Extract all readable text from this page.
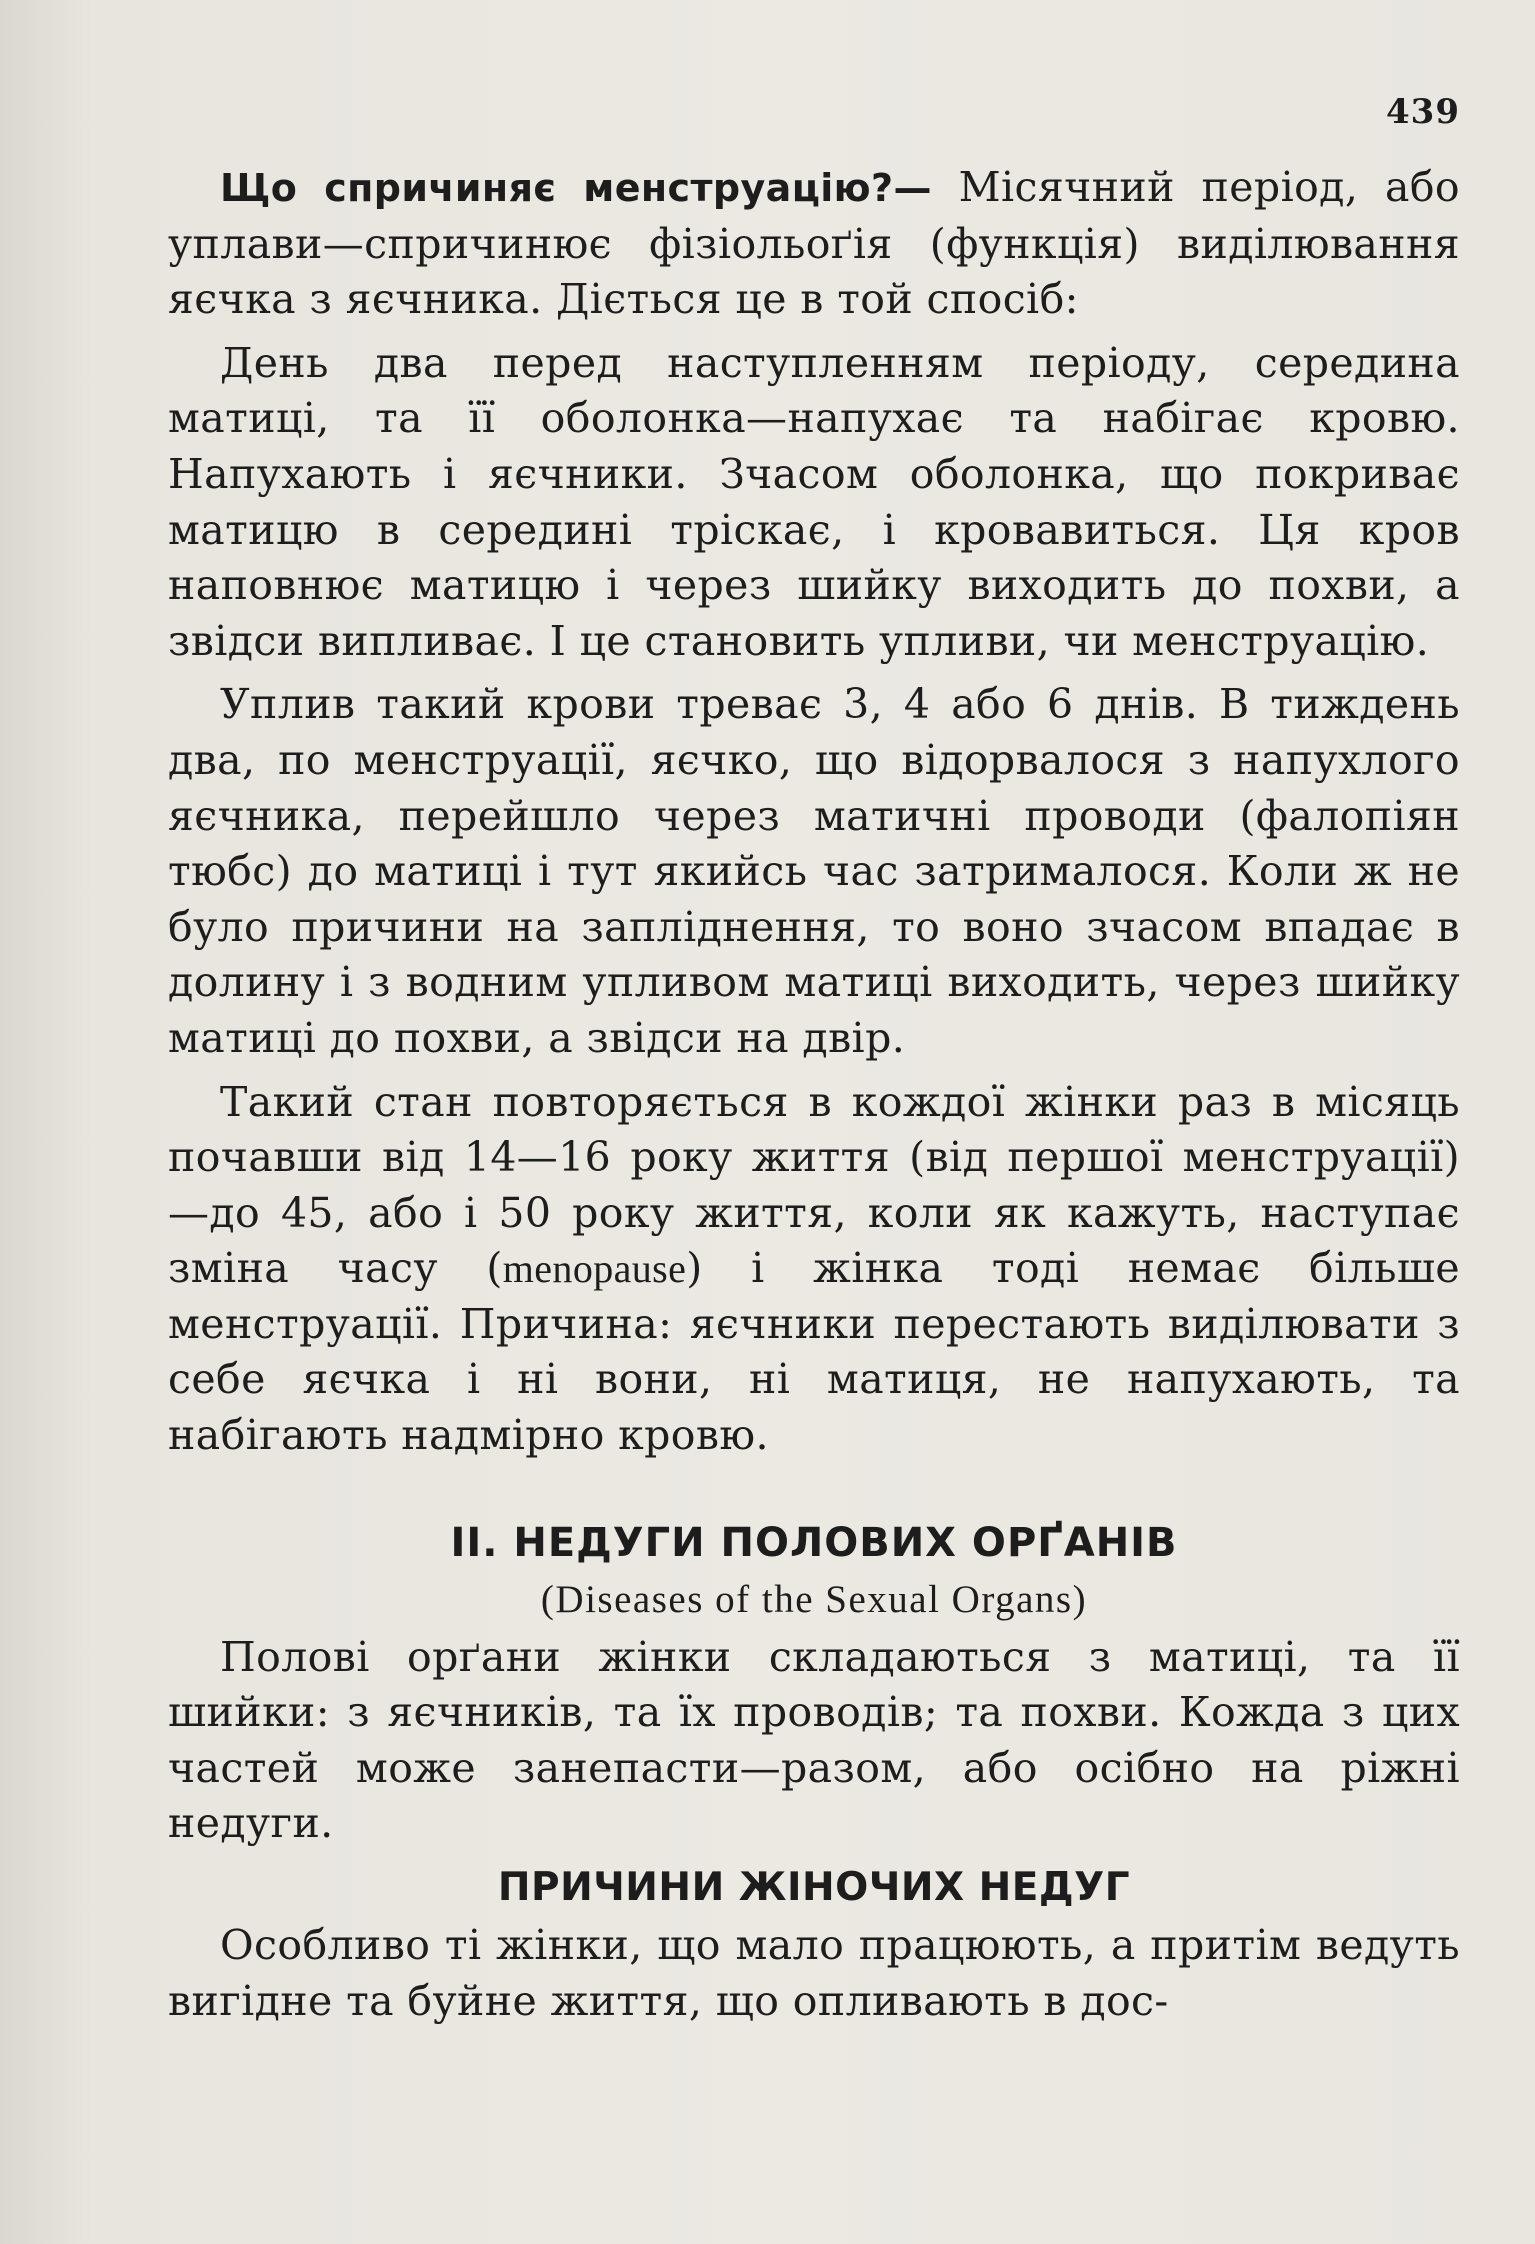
439

Що спричиняє менструацію?— Місячний період, або уплави—спричинює фізіольоґія (функція) виділювання яєчка з яєчника. Діється це в той спосіб:

День два перед наступленням періоду, середина матиці, та її оболонка—напухає та набігає кровю. Напухають і яєчники. Зчасом оболонка, що покриває матицю в середині тріскає, і кровавиться. Ця кров наповнює матицю і через шийку виходить до похви, а звідси випливає. І це становить упливи, чи менструацію.

Уплив такий крови треває 3, 4 або 6 днів. В тиждень два, по менструації, яєчко, що відорвалося з напухлого яєчника, перейшло через матичні проводи (фалопіян тюбс) до матиці і тут якийсь час затрималося. Коли ж не було причини на запліднення, то воно зчасом впадає в долину і з водним упливом матиці виходить, через шийку матиці до похви, а звідси на двір.

Такий стан повторяється в кождої жінки раз в місяць почавши від 14—16 року життя (від першої менструації)—до 45, або і 50 року життя, коли як кажуть, наступає зміна часу (menopause) і жінка тоді немає більше менструації. Причина: яєчники перестають виділювати з себе яєчка і ні вони, ні матиця, не напухають, та набігають надмірно кровю.

II. НЕДУГИ ПОЛОВИХ ОРҐАНІВ
(Diseases of the Sexual Organs)

Полові орґани жінки складаються з матиці, та її шийки: з яєчників, та їх проводів; та похви. Кожда з цих частей може занепасти—разом, або осібно на ріжні недуги.

ПРИЧИНИ ЖІНОЧИХ НЕДУГ

Особливо ті жінки, що мало працюють, а притім ведуть вигідне та буйне життя, що опливають в дос-
